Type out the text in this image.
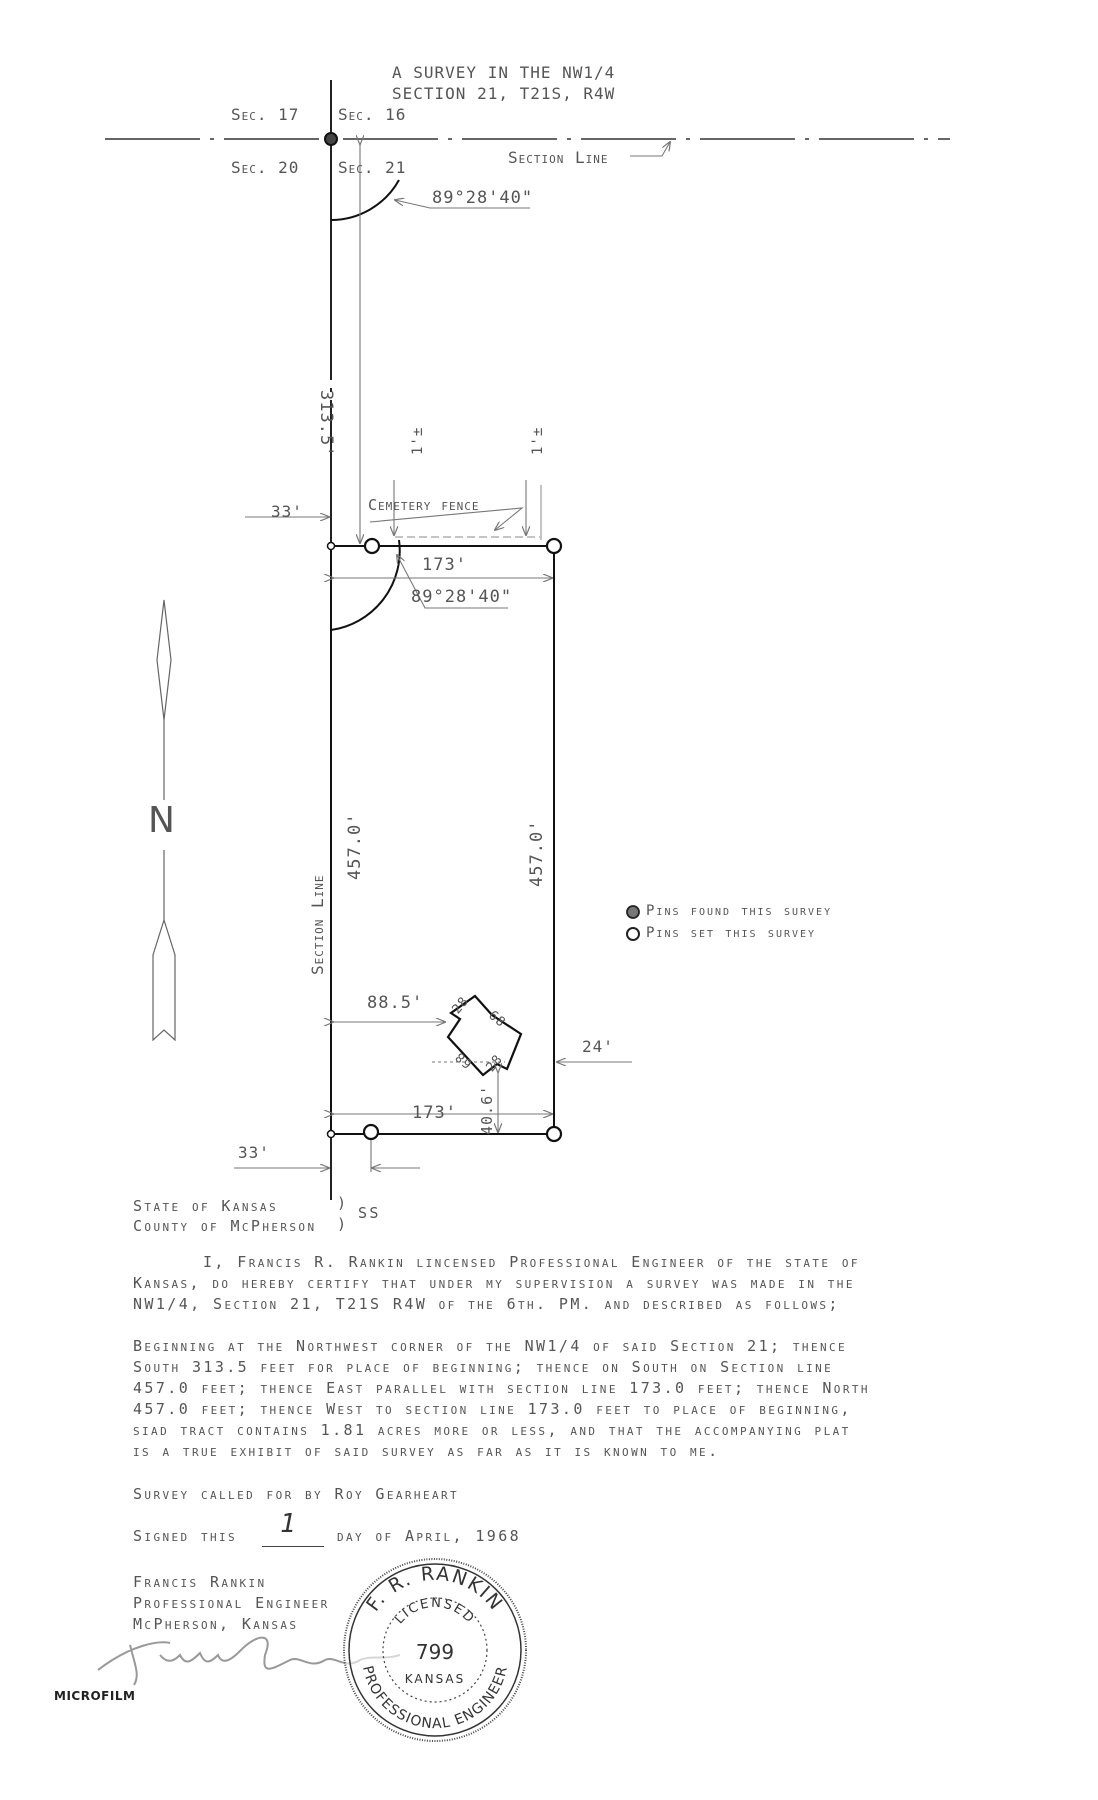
A SURVEY IN THE NW1/4
SECTION 21, T21S, R4W
Sec. 17 Sec. 16
Sec. 20 Sec. 21
Section Line
89°28'40"
313.5'	1'±	1'±
33'	Cemetery fence
173'
89°28'40"
N
Section Line
457.0'	457.0'
Pins found this survey
Pins set this survey
88.5' 28
68
68 28
24'
40.6'
173'
33'
State of Kansas
County of McPherson
)
)
SS
I, Francis R. Rankin lincensed Professional Engineer of the state of
Kansas, do hereby certify that under my supervision a survey was made in the
NW1/4, Section 21, T21S R4W of the 6th. PM. and described as follows;
Beginning at the Northwest corner of the NW1/4 of said Section 21; thence
South 313.5 feet for place of beginning; thence on South on Section line
457.0 feet; thence East parallel with section line 173.0 feet; thence North
457.0 feet; thence West to section line 173.0 feet to place of beginning,
siad tract contains 1.81 acres more or less, and that the accompanying plat
is a true exhibit of said survey as far as it is known to me.
Survey called for by Roy Gearheart
Signed this 1	day of April, 1968
Francis Rankin
Professional Engineer
McPherson, Kansas
MICROFILM
Francis Rankin
F. R. RANKIN
PROFESSIONAL ENGINEER
LICENSED
799
KANSAS
